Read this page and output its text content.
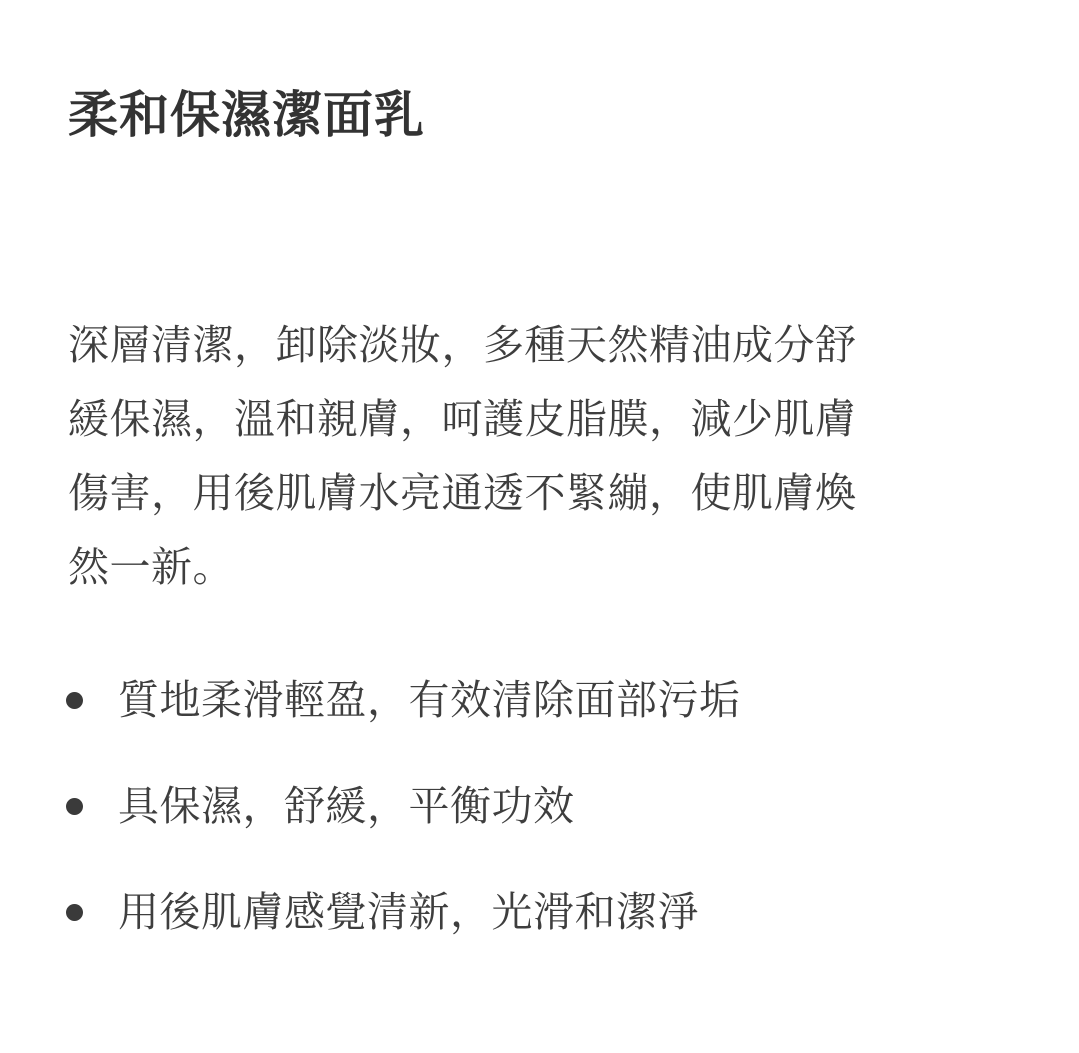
柔和保濕潔面乳

深層清潔，卸除淡妝，多種天然精油成分舒
緩保濕，溫和親膚，呵護皮脂膜，減少肌膚
傷害，用後肌膚水亮通透不緊繃，使肌膚煥
然一新。

質地柔滑輕盈，有效清除面部污垢
具保濕，舒緩，平衡功效
用後肌膚感覺清新，光滑和潔淨
